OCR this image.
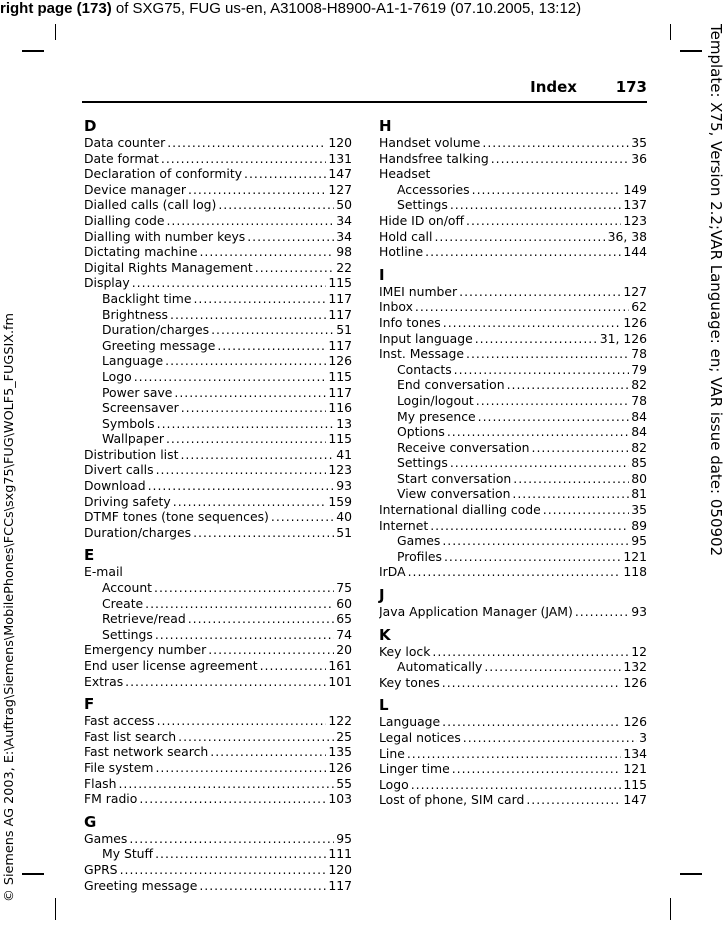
right page (173) of SXG75, FUG us-en, A31008-H8900-A1-1-7619 (07.10.2005, 13:12)
© Siemens AG 2003, E:\Auftrag\Siemens\MobilePhones\FCCs\sxg75\FUG\WOLF5_FUGSIX.fm
Template: X75, Version 2.2;VAR Language: en; VAR issue date: 050902
Index	173
D
Data counter .....	120
Date format .....	131
Declaration of conformity .....	147
Device manager .....	127
Dialled calls (call log) .....	50
Dialling code .....	34
Dialling with number keys .....	34
Dictating machine .....	98
Digital Rights Management .....	22
Display .....	115
Backlight time .....	117
Brightness .....	117
Duration/charges .....	51
Greeting message .....	117
Language .....	126
Logo .....	115
Power save .....	117
Screensaver .....	116
Symbols .....	13
Wallpaper .....	115
Distribution list .....	41
Divert calls .....	123
Download .....	93
Driving safety .....	159
DTMF tones (tone sequences) .....	40
Duration/charges .....	51
E
E-mail
Account .....	75
Create .....	60
Retrieve/read .....	65
Settings .....	74
Emergency number .....	20
End user license agreement .....	161
Extras .....	101
F
Fast access .....	122
Fast list search .....	25
Fast network search .....	135
File system .....	126
Flash .....	55
FM radio .....	103
G
Games .....	95
My Stuff .....	111
GPRS .....	120
Greeting message .....	117
H
Handset volume .....	35
Handsfree talking .....	36
Headset
Accessories .....	149
Settings .....	137
Hide ID on/off .....	123
Hold call .....	36, 38
Hotline .....	144
I
IMEI number .....	127
Inbox .....	62
Info tones .....	126
Input language .....	31, 126
Inst. Message .....	78
Contacts .....	79
End conversation .....	82
Login/logout .....	78
My presence .....	84
Options .....	84
Receive conversation .....	82
Settings .....	85
Start conversation .....	80
View conversation .....	81
International dialling code .....	35
Internet .....	89
Games .....	95
Profiles .....	121
IrDA .....	118
J
Java Application Manager (JAM) .....	93
K
Key lock .....	12
Automatically .....	132
Key tones .....	126
L
Language .....	126
Legal notices .....	3
Line .....	134
Linger time .....	121
Logo .....	115
Lost of phone, SIM card .....	147
